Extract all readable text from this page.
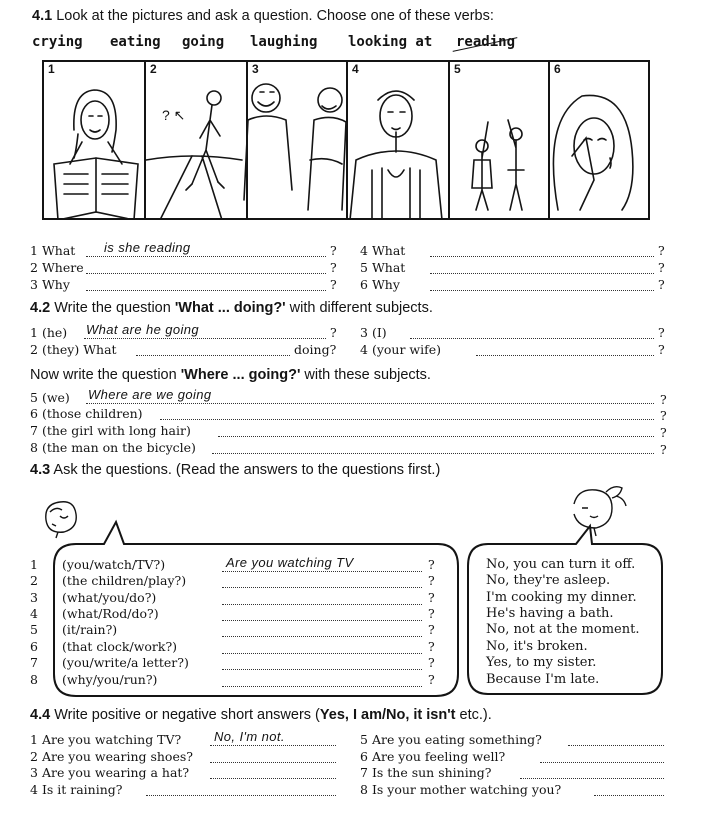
4.1 Look at the pictures and ask a question. Choose one of these verbs:
crying eating going laughing looking at reading
1	2	3	4	5	6
? ↖
1 What is she reading	?
2 Where	?
3 Why	?
4 What	?
5 What	?
6 Why	?
4.2 Write the question 'What ... doing?' with different subjects.
1 (he) What are he going	? 3 (I)	?
2 (they) What	doing? 4 (your wife)	?
Now write the question 'Where ... going?' with these subjects.
5 (we) Where are we going	?
6 (those children)	?
7 (the girl with long hair)	?
8 (the man on the bicycle)	?
4.3 Ask the questions. (Read the answers to the questions first.)
1 (you/watch/TV?)	Are you watching TV	?
2 (the children/play?)	?
3 (what/you/do?)	?
4 (what/Rod/do?)	?
5 (it/rain?)	?
6 (that clock/work?)	?
7 (you/write/a letter?)	?
8 (why/you/run?)	?
No, you can turn it off.
No, they're asleep.
I'm cooking my dinner.
He's having a bath.
No, not at the moment.
No, it's broken.
Yes, to my sister.
Because I'm late.
4.4 Write positive or negative short answers (Yes, I am/No, it isn't etc.).
1 Are you watching TV?	No, I'm not.
2 Are you wearing shoes?
3 Are you wearing a hat?
4 Is it raining?
5 Are you eating something?
6 Are you feeling well?
7 Is the sun shining?
8 Is your mother watching you?
